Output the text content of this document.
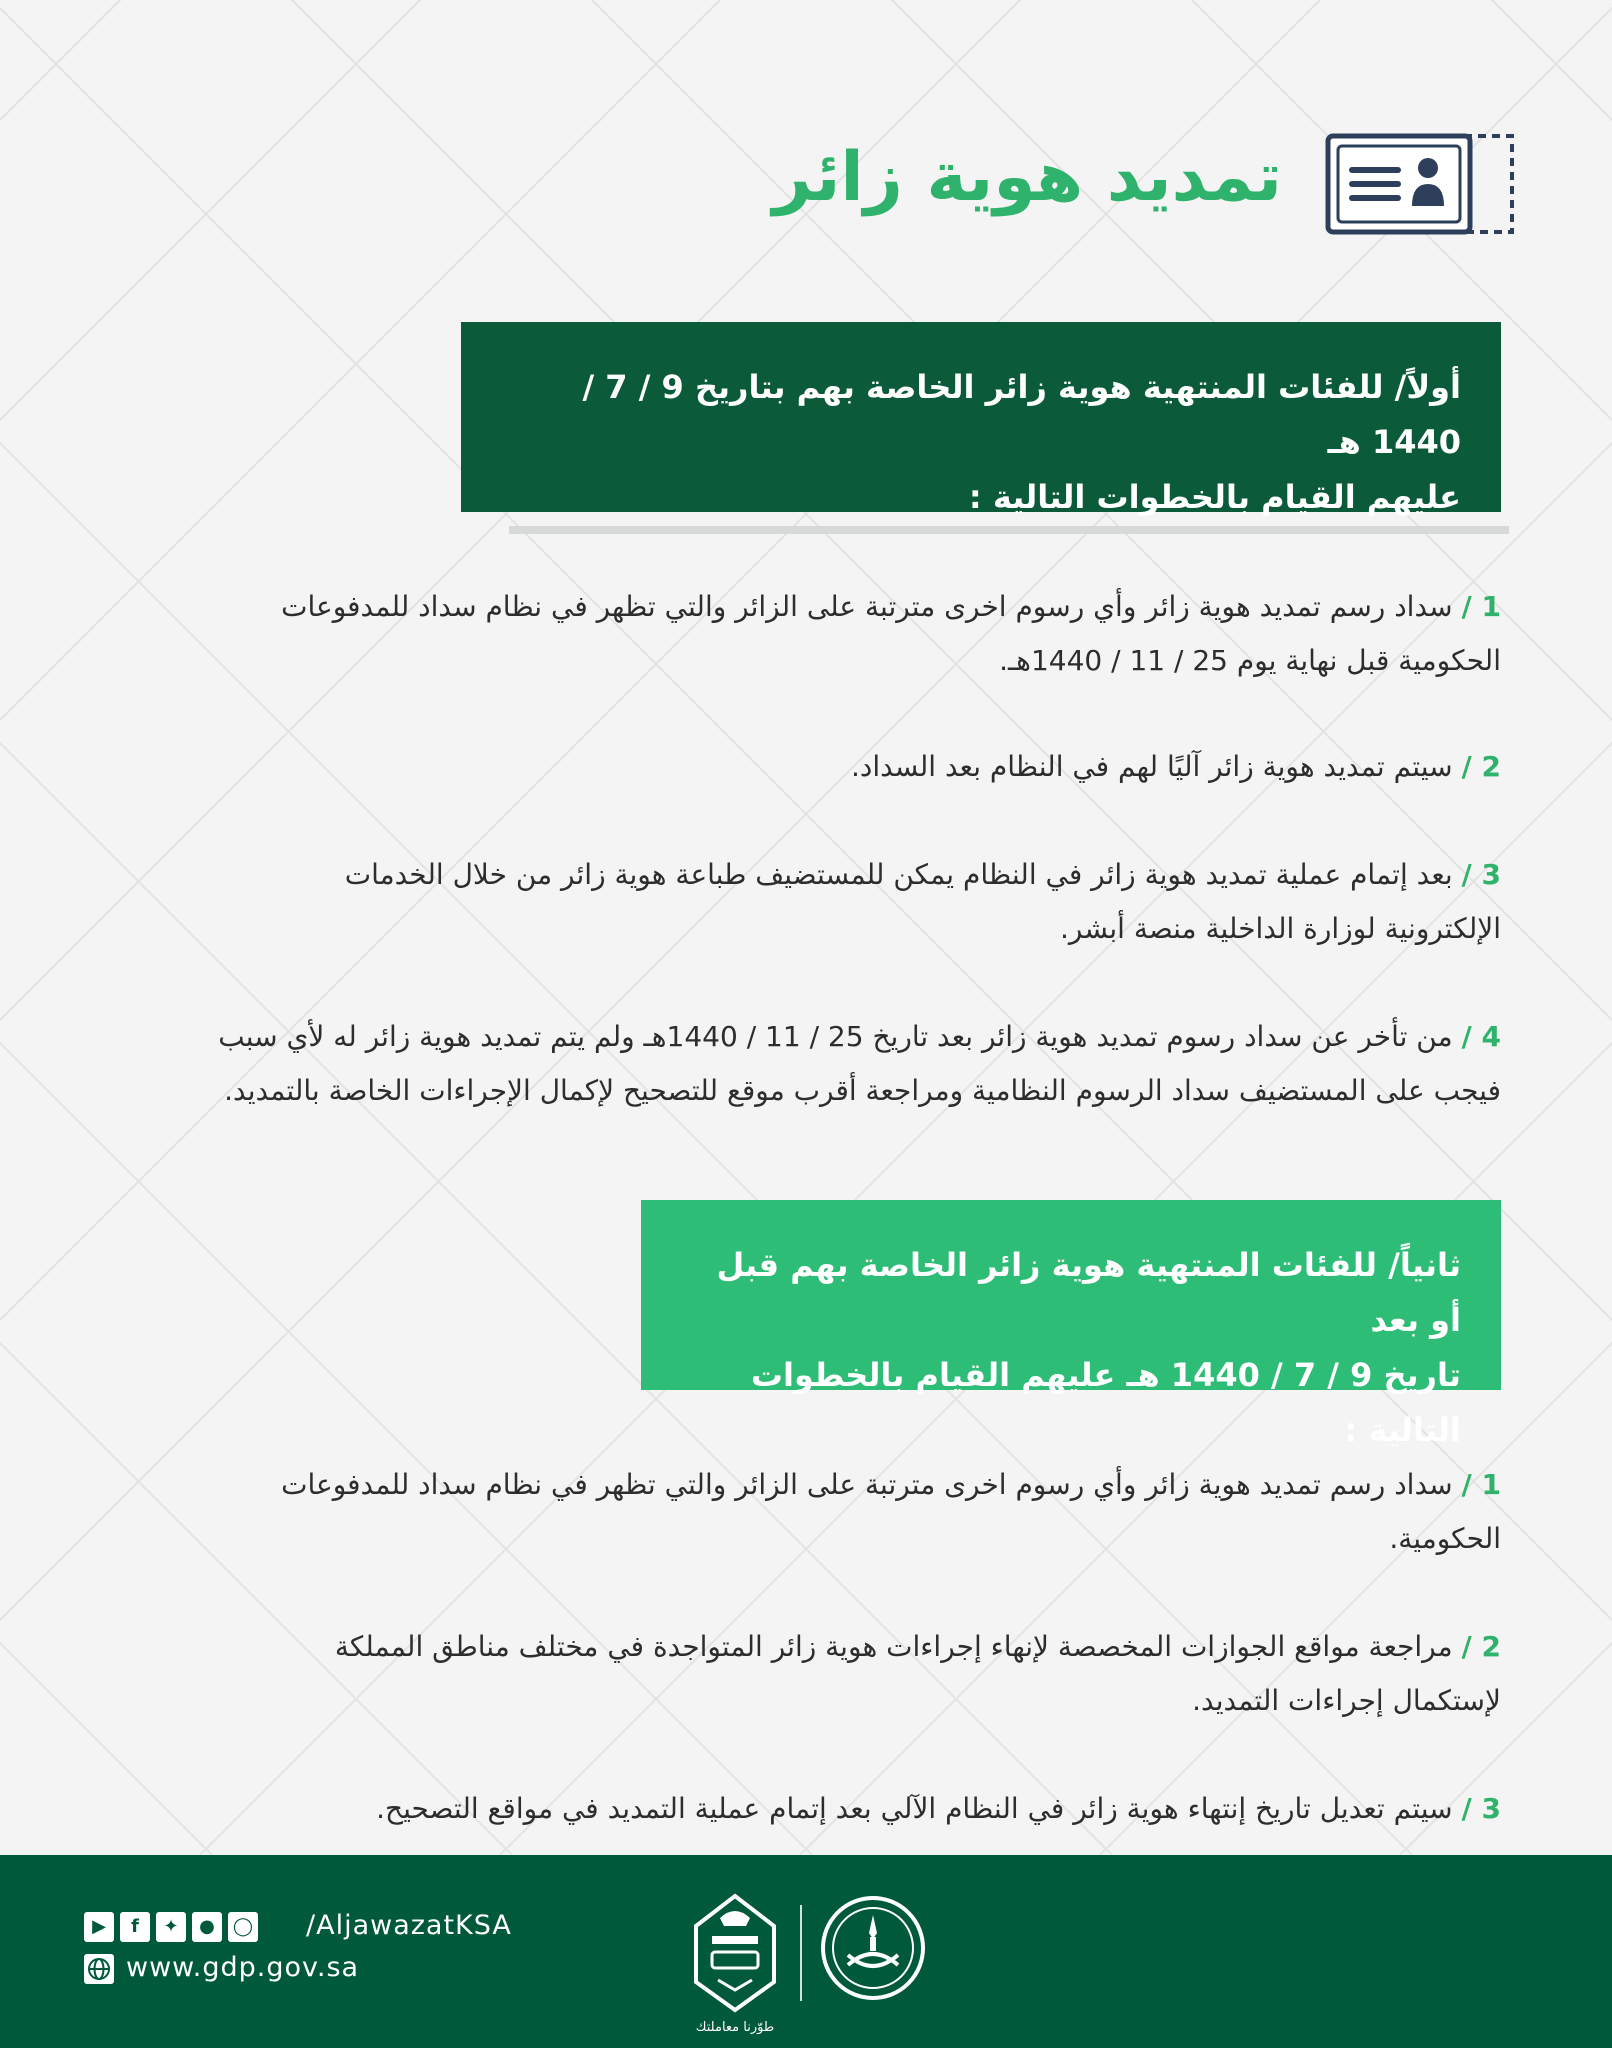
تمديد هوية زائر
أولاً/ للفئات المنتهية هوية زائر الخاصة بهم بتاريخ 9 / 7 / 1440 هـ
عليهم القيام بالخطوات التالية :
1 / سداد رسم تمديد هوية زائر وأي رسوم اخرى مترتبة على الزائر والتي تظهر في نظام سداد للمدفوعات
الحكومية قبل نهاية يوم 25 / 11 / 1440هـ.
2 / سيتم تمديد هوية زائر آليًا لهم في النظام بعد السداد.
3 / بعد إتمام عملية تمديد هوية زائر في النظام يمكن للمستضيف طباعة هوية زائر من خلال الخدمات
الإلكترونية لوزارة الداخلية منصة أبشر.
4 / من تأخر عن سداد رسوم تمديد هوية زائر بعد تاريخ 25 / 11 / 1440هـ ولم يتم تمديد هوية زائر له لأي سبب
فيجب على المستضيف سداد الرسوم النظامية ومراجعة أقرب موقع للتصحيح لإكمال الإجراءات الخاصة بالتمديد.
ثانياً/ للفئات المنتهية هوية زائر الخاصة بهم قبل أو بعد
تاريخ 9 / 7 / 1440 هـ عليهم القيام بالخطوات التالية :
1 / سداد رسم تمديد هوية زائر وأي رسوم اخرى مترتبة على الزائر والتي تظهر في نظام سداد للمدفوعات
الحكومية.
2 / مراجعة مواقع الجوازات المخصصة لإنهاء إجراءات هوية زائر المتواجدة في مختلف مناطق المملكة
لإستكمال إجراءات التمديد.
3 / سيتم تعديل تاريخ إنتهاء هوية زائر في النظام الآلي بعد إتمام عملية التمديد في مواقع التصحيح.
▶ f ✦ ● ◯	/AljawazatKSA
www.gdp.gov.sa
طوّرنا معاملتك
